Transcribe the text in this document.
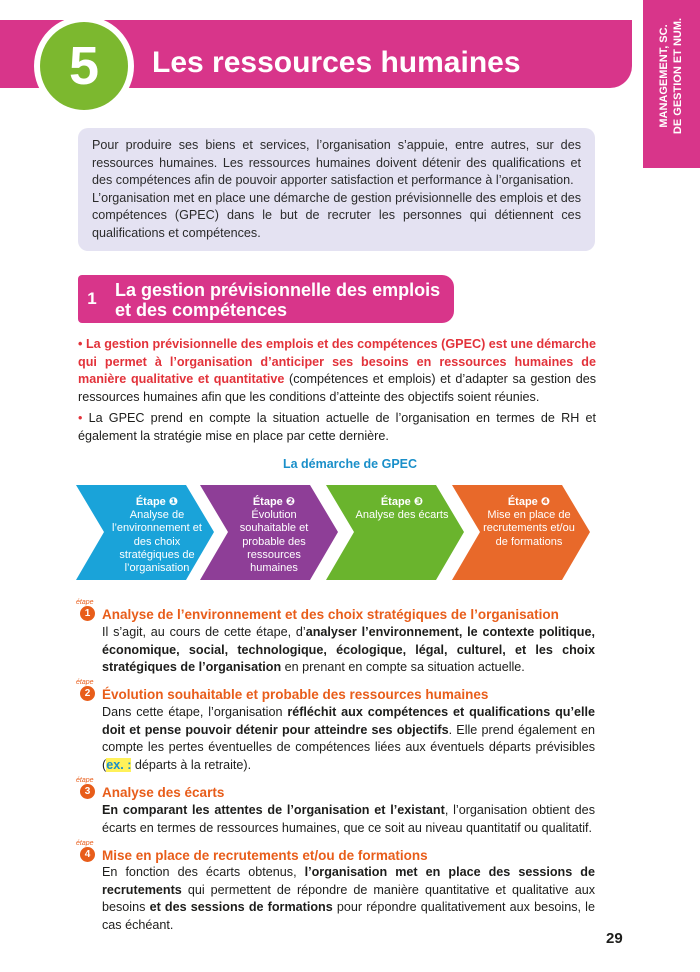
5	Les ressources humaines	MANAGEMENT, SC. DE GESTION ET NUM.

Pour produire ses biens et services, l’organisation s’appuie, entre autres, sur des ressources humaines. Les ressources humaines doivent détenir des qualifications et des compétences afin de pouvoir apporter satisfaction et performance à l’organisation.

L’organisation met en place une démarche de gestion prévisionnelle des emplois et des compétences (GPEC) dans le but de recruter les personnes qui détiennent ces qualifications et compétences.

1	La gestion prévisionnelle des emplois et des compétences
• La gestion prévisionnelle des emplois et des compétences (GPEC) est une démarche qui permet à l’organisation d’anticiper ses besoins en ressources humaines de manière qualitative et quantitative (compétences et emplois) et d’adapter sa gestion des ressources humaines afin que les conditions d’atteinte des objectifs soient réunies.
• La GPEC prend en compte la situation actuelle de l’organisation en termes de RH et également la stratégie mise en place par cette dernière.
La démarche de GPEC
Étape ❶
Analyse de l’environnement et des choix stratégiques de l’organisation
Étape ❷
Évolution souhaitable et probable des ressources humaines
Étape ❸
Analyse des écarts
Étape ❹
Mise en place de recrutements et/ou de formations
étape
1 Analyse de l’environnement et des choix stratégiques de l’organisation
Il s’agit, au cours de cette étape, d’analyser l’environnement, le contexte politique, économique, social, technologique, écologique, légal, culturel, et les choix stratégiques de l’organisation en prenant en compte sa situation actuelle.
étape
2 Évolution souhaitable et probable des ressources humaines
Dans cette étape, l’organisation réfléchit aux compétences et qualifications qu’elle doit et pense pouvoir détenir pour atteindre ses objectifs. Elle prend également en compte les pertes éventuelles de compétences liées aux éventuels départs prévisibles (ex. : départs à la retraite).
étape
3 Analyse des écarts
En comparant les attentes de l’organisation et l’existant, l’organisation obtient des écarts en termes de ressources humaines, que ce soit au niveau quantitatif ou qualitatif.
étape
4 Mise en place de recrutements et/ou de formations
En fonction des écarts obtenus, l’organisation met en place des sessions de recrutements qui permettent de répondre de manière quantitative et qualitative aux besoins et des sessions de formations pour répondre qualitativement aux besoins, le cas échéant.
29
